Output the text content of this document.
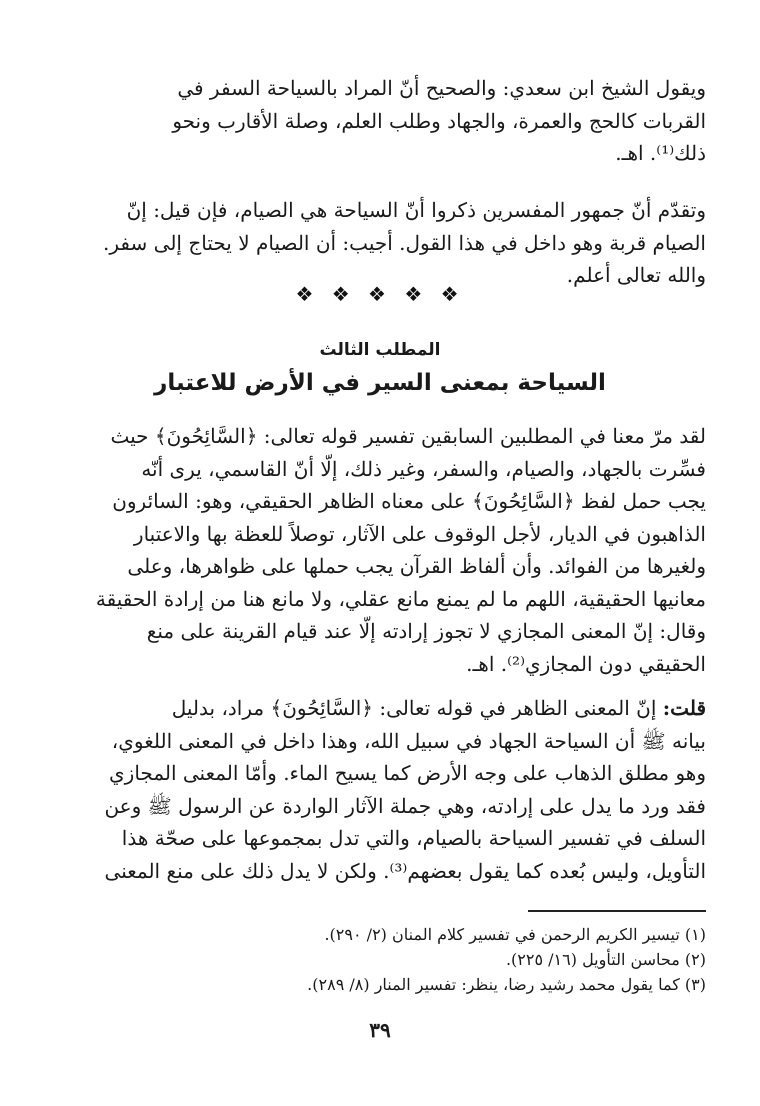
ويقول الشيخ ابن سعدي: والصحيح أنّ المراد بالسياحة السفر في
القربات كالحج والعمرة، والجهاد وطلب العلم، وصلة الأقارب ونحو
ذلك⁽¹⁾. اهـ.
وتقدّم أنّ جمهور المفسرين ذكروا أنّ السياحة هي الصيام، فإن قيل: إنّ
الصيام قربة وهو داخل في هذا القول. أجيب: أن الصيام لا يحتاج إلى سفر.
والله تعالى أعلم.
❖ ❖ ❖ ❖ ❖
المطلب الثالث
السياحة بمعنى السير في الأرض للاعتبار
لقد مرّ معنا في المطلبين السابقين تفسير قوله تعالى: ﴿السَّائِحُونَ﴾ حيث
فسِّرت بالجهاد، والصيام، والسفر، وغير ذلك، إلّا أنّ القاسمي، يرى أنّه
يجب حمل لفظ ﴿السَّائِحُونَ﴾ على معناه الظاهر الحقيقي، وهو: السائرون
الذاهبون في الديار، لأجل الوقوف على الآثار، توصلاً للعظة بها والاعتبار
ولغيرها من الفوائد. وأن ألفاظ القرآن يجب حملها على ظواهرها، وعلى
معانيها الحقيقية، اللهم ما لم يمنع مانع عقلي، ولا مانع هنا من إرادة الحقيقة
وقال: إنّ المعنى المجازي لا تجوز إرادته إلّا عند قيام القرينة على منع
الحقيقي دون المجازي⁽²⁾. اهـ.
قلت: إنّ المعنى الظاهر في قوله تعالى: ﴿السَّائِحُونَ﴾ مراد، بدليل
بيانه ﷺ أن السياحة الجهاد في سبيل الله، وهذا داخل في المعنى اللغوي،
وهو مطلق الذهاب على وجه الأرض كما يسيح الماء. وأمّا المعنى المجازي
فقد ورد ما يدل على إرادته، وهي جملة الآثار الواردة عن الرسول ﷺ وعن
السلف في تفسير السياحة بالصيام، والتي تدل بمجموعها على صحّة هذا
التأويل، وليس بُعده كما يقول بعضهم⁽³⁾. ولكن لا يدل ذلك على منع المعنى
(١) تيسير الكريم الرحمن في تفسير كلام المنان (٢/ ٢٩٠).
(٢) محاسن التأويل (١٦/ ٢٢٥).
(٣) كما يقول محمد رشيد رضا، ينظر: تفسير المنار (٨/ ٢٨٩).
٣٩
